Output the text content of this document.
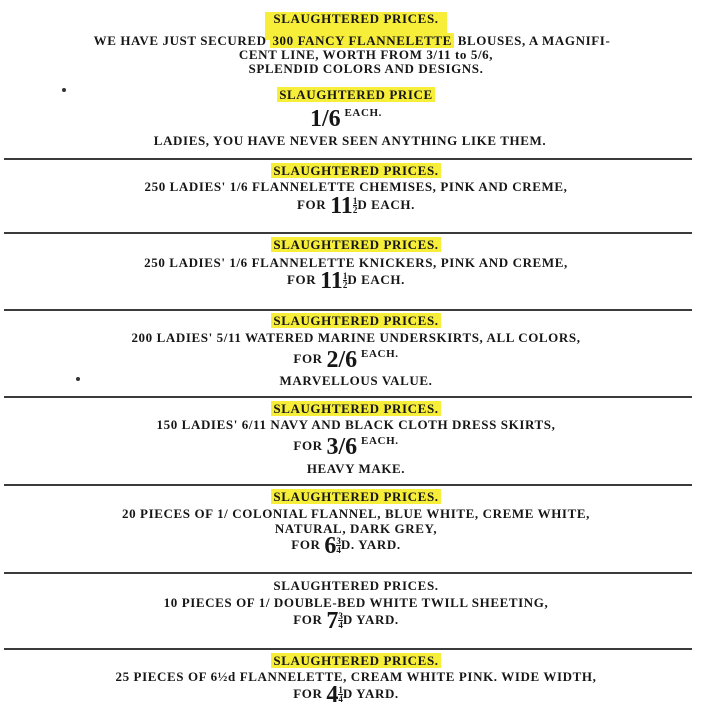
SLAUGHTERED PRICES.
WE HAVE JUST SECURED 300 FANCY FLANNELETTE BLOUSES, A MAGNIFI-
CENT LINE, WORTH FROM 3/11 to 5/6,
SPLENDID COLORS AND DESIGNS.
SLAUGHTERED PRICE
1/6 $^{EACH.}$
LADIES, YOU HAVE NEVER SEEN ANYTHING LIKE THEM.
SLAUGHTERED PRICES.
250 LADIES' 1/6 FLANNELETTE CHEMISES, PINK AND CREME,
FOR $11 \frac{1}{2}$ D EACH.
SLAUGHTERED PRICES.
250 LADIES' 1/6 FLANNELETTE KNICKERS, PINK AND CREME,
FOR $11 \frac{1}{2}$ D EACH.
SLAUGHTERED PRICES.
200 LADIES' 5/11 WATERED MARINE UNDERSKIRTS, ALL COLORS,
FOR 2/6 $^{EACH.}$
MARVELLOUS VALUE.
SLAUGHTERED PRICES.
150 LADIES' 6/11 NAVY AND BLACK CLOTH DRESS SKIRTS,
FOR 3/6 $^{EACH.}$
HEAVY MAKE.
SLAUGHTERED PRICES.
20 PIECES OF 1/ COLONIAL FLANNEL, BLUE WHITE, CREME WHITE,
NATURAL, DARK GREY,
FOR $6 \frac{3}{4} D$. YARD.
SLAUGHTERED PRICES.
10 PIECES OF 1/ DOUBLE-BED WHITE TWILL SHEETING,
FOR $7 \frac{3}{4}$ D YARD.
SLAUGHTERED PRICES.
25 PIECES OF 6½d FLANNELETTE, CREAM WHITE PINK. WIDE WIDTH,
FOR $4 \frac{1}{4}$ D YARD.
